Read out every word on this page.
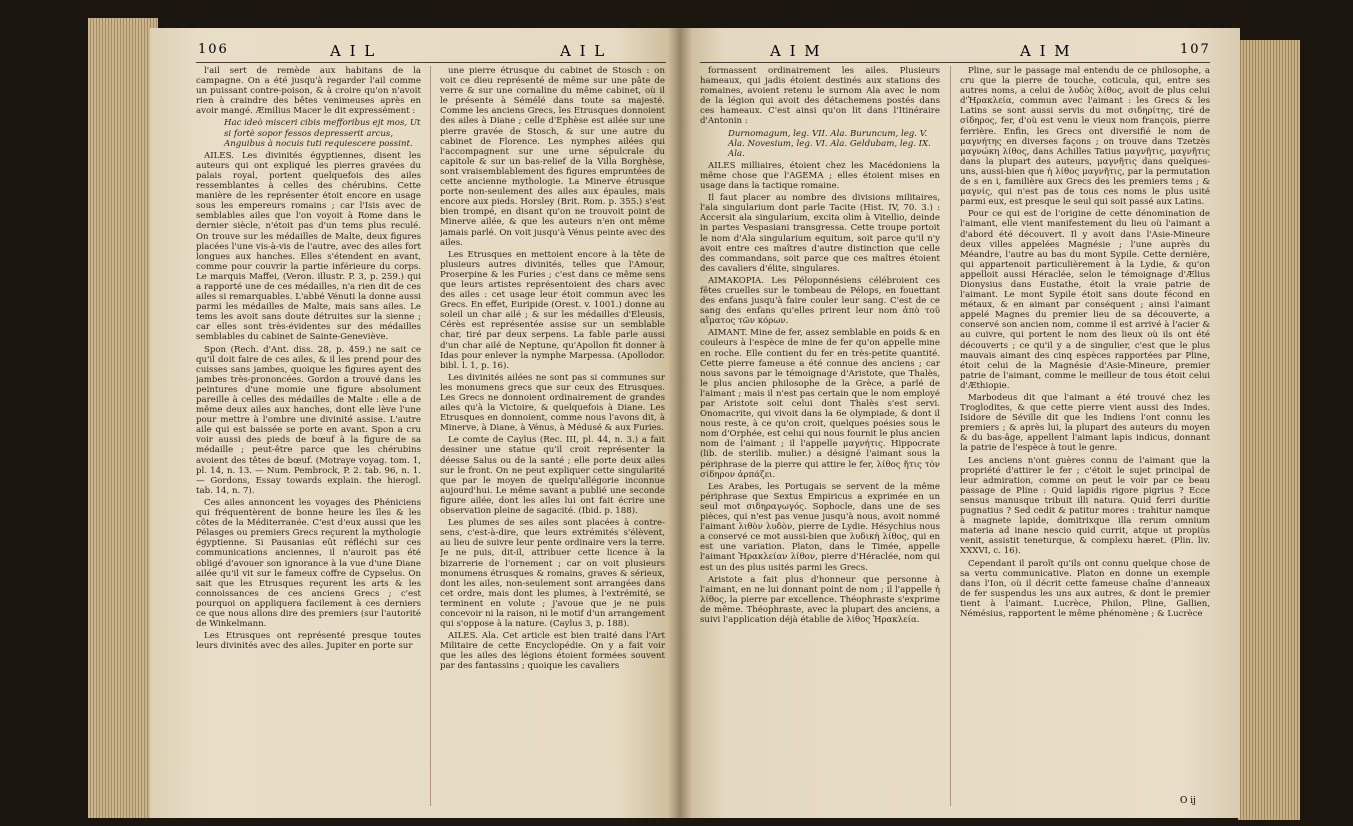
106	A I L	A I L	A I M	A I M	107

l'ail sert de remède aux habitans de la campagne. On a été jusqu'à regarder l'ail comme un puissant contre-poison, & à croire qu'on n'avoit rien à craindre des bêtes venimeuses après en avoir mangé. Æmilius Macer le dit expressément :

Hac ideò misceri cibis mefforibus ejt mos, Ut si fortè sopor fessos depresserit arcus, Anguibus à nocuis tuti requiescere possint.

AILES. Les divinités égyptiennes, disent les auteurs qui ont expliqué les pierres gravées du palais royal, portent quelquefois des ailes ressemblantes à celles des chérubins. Cette manière de les représenter étoit encore en usage sous les empereurs romains ; car l'Isis avec de semblables ailes que l'on voyoit à Rome dans le dernier siècle, n'étoit pas d'un tems plus reculé. On trouve sur les médailles de Malte, deux figures placées l'une vis-à-vis de l'autre, avec des ailes fort longues aux hanches. Elles s'étendent en avant, comme pour couvrir la partie inférieure du corps. Le marquis Maffei, (Veron. illustr. P. 3, p. 259.) qui a rapporté une de ces médailles, n'a rien dit de ces ailes si remarquables. L'abbé Vénuti la donne aussi parmi les médailles de Malte, mais sans ailes. Le tems les avoit sans doute détruites sur la sienne ; car elles sont très-évidentes sur des médailles semblables du cabinet de Sainte-Geneviève.

Spon (Rech. d'Ant. diss. 28, p. 459.) ne sait ce qu'il doit faire de ces ailes, & il les prend pour des cuisses sans jambes, quoique les figures ayent des jambes très-prononcées. Gordon a trouvé dans les peintures d'une momie une figure absolument pareille à celles des médailles de Malte : elle a de même deux ailes aux hanches, dont elle lève l'une pour mettre à l'ombre une divinité assise. L'autre aile qui est baissée se porte en avant. Spon a cru voir aussi des pieds de bœuf à la figure de sa médaille ; peut-être parce que les chérubins avoient des têtes de bœuf. (Motraye voyag. tom. 1, pl. 14, n. 13. — Num. Pembrock, P. 2. tab. 96, n. 1. — Gordons, Essay towards explain. the hierogl. tab. 14, n. 7).

Ces ailes annoncent les voyages des Phéniciens qui fréquentèrent de bonne heure les îles & les côtes de la Méditerranée. C'est d'eux aussi que les Pélasges ou premiers Grecs reçurent la mythologie égyptienne. Si Pausanias eût réfléchi sur ces communications anciennes, il n'auroit pas été obligé d'avouer son ignorance à la vue d'une Diane ailée qu'il vit sur le fameux coffre de Cypselus. On sait que les Etrusques reçurent les arts & les connoissances de ces anciens Grecs ; c'est pourquoi on appliquera facilement à ces derniers ce que nous allons dire des premiers (sur l'autorité de Winkelmann.

Les Etrusques ont représenté presque toutes leurs divinités avec des ailes. Jupiter en porte sur

une pierre étrusque du cabinet de Stosch : on voit ce dieu représenté de même sur une pâte de verre & sur une cornaline du même cabinet, où il le présente à Sémélé dans toute sa majesté. Comme les anciens Grecs, les Etrusques donnoient des ailes à Diane ; celle d'Ephèse est ailée sur une pierre gravée de Stosch, & sur une autre du cabinet de Florence. Les nymphes ailées qui l'accompagnent sur une urne sépulcrale du capitole & sur un bas-relief de la Villa Borghèse, sont vraisemblablement des figures empruntées de cette ancienne mythologie. La Minerve étrusque porte non-seulement des ailes aux épaules, mais encore aux pieds. Horsley (Brit. Rom. p. 355.) s'est bien trompé, en disant qu'on ne trouvoit point de Minerve ailée, & que les auteurs n'en ont même jamais parlé. On voit jusqu'à Vénus peinte avec des ailes.

Les Etrusques en mettoient encore à la tête de plusieurs autres divinités, telles que l'Amour, Proserpine & les Furies ; c'est dans ce même sens que leurs artistes représentoient des chars avec des ailes : cet usage leur étoit commun avec les Grecs. En effet, Euripide (Orest. v. 1001.) donne au soleil un char ailé ; & sur les médailles d'Eleusis, Cérès est représentée assise sur un semblable char, tiré par deux serpens. La fable parle aussi d'un char ailé de Neptune, qu'Apollon fit donner à Idas pour enlever la nymphe Marpessa. (Apollodor. bibl. l. 1, p. 16).

Les divinités ailées ne sont pas si communes sur les monumens grecs que sur ceux des Etrusques. Les Grecs ne donnoient ordinairement de grandes ailes qu'à la Victoire, & quelquefois à Diane. Les Etrusques en donnoient, comme nous l'avons dit, à Minerve, à Diane, à Vénus, à Médusé & aux Furies.

Le comte de Caylus (Rec. III, pl. 44, n. 3.) a fait dessiner une statue qu'il croit représenter la déesse Salus ou de la santé ; elle porte deux ailes sur le front. On ne peut expliquer cette singularité que par le moyen de quelqu'allégorie inconnue aujourd'hui. Le même savant a publié une seconde figure ailée, dont les ailes lui ont fait écrire une observation pleine de sagacité. (Ibid. p. 188).

Les plumes de ses ailes sont placées à contre-sens, c'est-à-dire, que leurs extrémités s'élèvent, au lieu de suivre leur pente ordinaire vers la terre. Je ne puis, dit-il, attribuer cette licence à la bizarrerie de l'ornement ; car on voit plusieurs monumens étrusques & romains, graves & sérieux, dont les ailes, non-seulement sont arrangées dans cet ordre, mais dont les plumes, à l'extrémité, se terminent en volute ; j'avoue que je ne puis concevoir ni la raison, ni le motif d'un arrangement qui s'oppose à la nature. (Caylus 3, p. 188).

AILES. Ala. Cet article est bien traité dans l'Art Militaire de cette Encyclopédie. On y a fait voir que les ailes des légions étoient formées souvent par des fantassins ; quoique les cavaliers

formassent ordinairement les ailes. Plusieurs hameaux, qui jadis étoient destinés aux stations des romaines, avoient retenu le surnom Ala avec le nom de la légion qui avoit des détachemens postés dans ces hameaux. C'est ainsi qu'on lit dans l'Itinéraire d'Antonin :

Durnomagum, leg. VII. Ala. Buruncum, leg. V. Ala. Novesium, leg. VI. Ala. Geldubam, leg. IX. Ala.

AILES milliaires, étoient chez les Macédoniens la même chose que l'AGEMA ; elles étoient mises en usage dans la tactique romaine.

Il faut placer au nombre des divisions militaires, l'ala singularium dont parle Tacite (Hist. IV, 70. 3.) : Accersit ala singularium, excita olim à Vitellio, deinde in partes Vespasiani transgressa. Cette troupe portoit le nom d'Ala singularium equitum, soit parce qu'il n'y avoit entre ces maîtres d'autre distinction que celle des commandans, soit parce que ces maîtres étoient des cavaliers d'élite, singulares.

AIMAKOPIA. Les Péloponnésiens célébroient ces fêtes cruelles sur le tombeau de Pélops, en fouettant des enfans jusqu'à faire couler leur sang. C'est de ce sang des enfans qu'elles prirent leur nom ἀπὸ τοῦ αἵματος τῶν κόρων.

AIMANT. Mine de fer, assez semblable en poids & en couleurs à l'espèce de mine de fer qu'on appelle mine en roche. Elle contient du fer en très-petite quantité. Cette pierre fameuse a été connue des anciens ; car nous savons par le témoignage d'Aristote, que Thalès, le plus ancien philosophe de la Grèce, a parlé de l'aimant ; mais il n'est pas certain que le nom employé par Aristote soit celui dont Thalès s'est servi. Onomacrite, qui vivoit dans la 6e olympiade, & dont il nous reste, à ce qu'on croit, quelques poésies sous le nom d'Orphée, est celui qui nous fournit le plus ancien nom de l'aimant ; il l'appelle μαγνήτις. Hippocrate (lib. de sterilib. mulier.) a désigné l'aimant sous la périphrase de la pierre qui attire le fer, λίθος ἥτις τὸν σίδηρον ἁρπάζει.

Les Arabes, les Portugais se servent de la même périphrase que Sextus Empiricus a exprimée en un seul mot σιδηραγωγός. Sophocle, dans une de ses pièces, qui n'est pas venue jusqu'à nous, avoit nommé l'aimant λιθὸν λυδὸν, pierre de Lydie. Hésychius nous a conservé ce mot aussi-bien que λυδικὴ λίθος, qui en est une variation. Platon, dans le Timée, appelle l'aimant Ἡρακλείαν λίθον, pierre d'Héraclée, nom qui est un des plus usités parmi les Grecs.

Aristote a fait plus d'honneur que personne à l'aimant, en ne lui donnant point de nom ; il l'appelle ἡ λίθος, la pierre par excellence. Théophraste s'exprime de même. Théophraste, avec la plupart des anciens, a suivi l'application déjà établie de λίθος Ἡρακλεία.

Pline, sur le passage mal entendu de ce philosophe, a cru que la pierre de touche, coticula, qui, entre ses autres noms, a celui de λυδὸς λίθος, avoit de plus celui d'Ἡρακλεία, commun avec l'aimant : les Grecs & les Latins se sont aussi servis du mot σιδηρίτης, tiré de σίδηρος, fer, d'où est venu le vieux nom françois, pierre ferrière. Enfin, les Grecs ont diversifié le nom de μαγνήτης en diverses façons ; on trouve dans Tzetzès μαγνώκη λίθος, dans Achilles Tatius μαγνῆτις, μαγνῆτις dans la plupart des auteurs, μαγνῆτις dans quelques-uns, aussi-bien que ἡ λίθος μαγνῆτις, par la permutation de s en i, familière aux Grecs des les premiers tems ; & μαγνίς, qui n'est pas de tous ces noms le plus usité parmi eux, est presque le seul qui soit passé aux Latins.

Pour ce qui est de l'origine de cette dénomination de l'aimant, elle vient manifestement du lieu où l'aimant a d'abord été découvert. Il y avoit dans l'Asie-Mineure deux villes appelées Magnésie ; l'une auprès du Méandre, l'autre au bas du mont Sypile. Cette dernière, qui appartenoit particulièrement à la Lydie, & qu'on appelloit aussi Héraclée, selon le témoignage d'Ælius Dionysius dans Eustathe, étoit la vraie patrie de l'aimant. Le mont Sypile étoit sans doute fécond en métaux, & en aimant par conséquent ; ainsi l'aimant appelé Magnes du premier lieu de sa découverte, a conservé son ancien nom, comme il est arrivé à l'acier & au cuivre, qui portent le nom des lieux où ils ont été découverts ; ce qu'il y a de singulier, c'est que le plus mauvais aimant des cinq espèces rapportées par Pline, étoit celui de la Magnésie d'Asie-Mineure, premier patrie de l'aimant, comme le meilleur de tous étoit celui d'Æthiopie.

Marbodeus dit que l'aimant a été trouvé chez les Troglodites, & que cette pierre vient aussi des Indes. Isidore de Séville dit que les Indiens l'ont connu les premiers ; & après lui, la plupart des auteurs du moyen & du bas-âge, appellent l'aimant lapis indicus, donnant la patrie de l'espèce à tout le genre.

Les anciens n'ont guères connu de l'aimant que la propriété d'attirer le fer ; c'étoit le sujet principal de leur admiration, comme on peut le voir par ce beau passage de Pline : Quid lapidis rigore pigrius ? Ecce sensus manusque tribuit illi natura. Quid ferri duritie pugnatius ? Sed cedit & patitur mores : trahitur namque à magnete lapide, domitrixque illa rerum omnium materia ad inane nescio quid currit, atque ut propiùs venit, assistit teneturque, & complexu hæret. (Plin. liv. XXXVI, c. 16).

Cependant il paroît qu'ils ont connu quelque chose de sa vertu communicative. Platon en donne un exemple dans l'Ion, où il décrit cette fameuse chaîne d'anneaux de fer suspendus les uns aux autres, & dont le premier tient à l'aimant. Lucrèce, Philon, Pline, Gallien, Némésius, rapportent le même phénomène ; & Lucrèce

O ij
